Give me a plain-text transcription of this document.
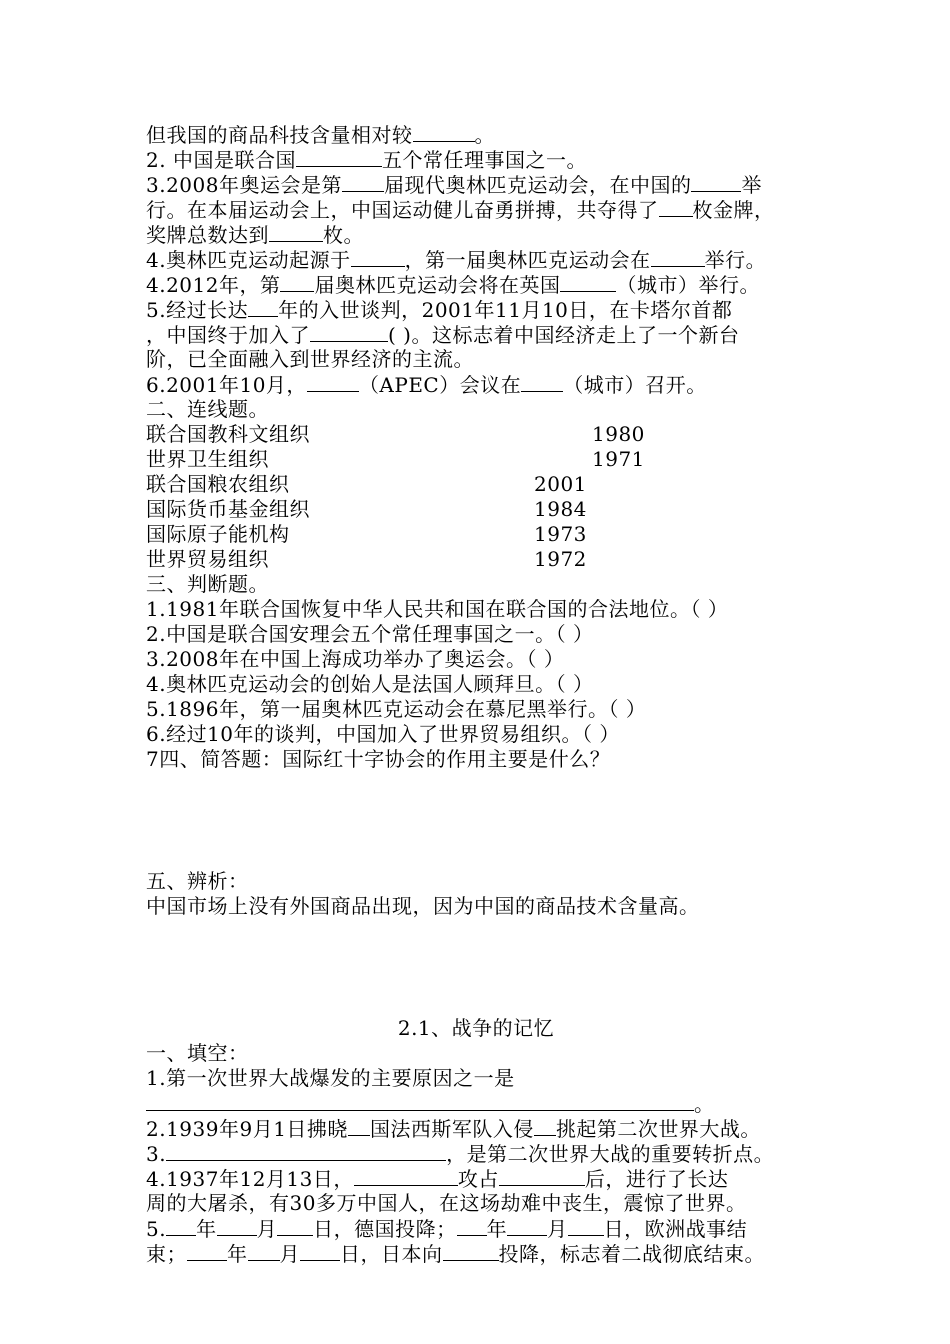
但我国的商品科技含量相对较	。
2. 中国是联合国	五个常任理事国之一。
3.2008年奥运会是第 届现代奥林匹克运动会，在中国的	举
行。在本届运动会上，中国运动健儿奋勇拼搏，共夺得了 枚金牌，
奖牌总数达到	枚。
4.奥林匹克运动起源于	，第一届奥林匹克运动会在	举行。
4.2012年，第 届奥林匹克运动会将在英国	（城市）举行。
5.经过长达 年的入世谈判，2001年11月10日，在卡塔尔首都
，中国终于加入了	( )。这标志着中国经济走上了一个新台
阶，已全面融入到世界经济的主流。
6.2001年10月，	（APEC）会议在 （城市）召开。
二、连线题。
联合国教科文组织	1980
世界卫生组织	1971
联合国粮农组织	2001
国际货币基金组织	1984
国际原子能机构	1973
世界贸易组织	1972
三、判断题。
1.1981年联合国恢复中华人民共和国在联合国的合法地位。（ ）
2.中国是联合国安理会五个常任理事国之一。（ ）
3.2008年在中国上海成功举办了奥运会。（ ）
4.奥林匹克运动会的创始人是法国人顾拜旦。（ ）
5.1896年，第一届奥林匹克运动会在慕尼黑举行。（ ）
6.经过10年的谈判，中国加入了世界贸易组织。（ ）
7四、简答题：国际红十字协会的作用主要是什么？
五、辨析：
中国市场上没有外国商品出现，因为中国的商品技术含量高。
2.1、战争的记忆
一、填空：
1.第一次世界大战爆发的主要原因之一是
。
2.1939年9月1日拂晓 国法西斯军队入侵 挑起第二次世界大战。
3.	，是第二次世界大战的重要转折点。
4.1937年12月13日，	攻占	后，进行了长达
周的大屠杀，有30多万中国人，在这场劫难中丧生，震惊了世界。
5. 年 月 日，德国投降； 年 月 日，欧洲战事结
束； 年 月 日，日本向	投降，标志着二战彻底结束。
